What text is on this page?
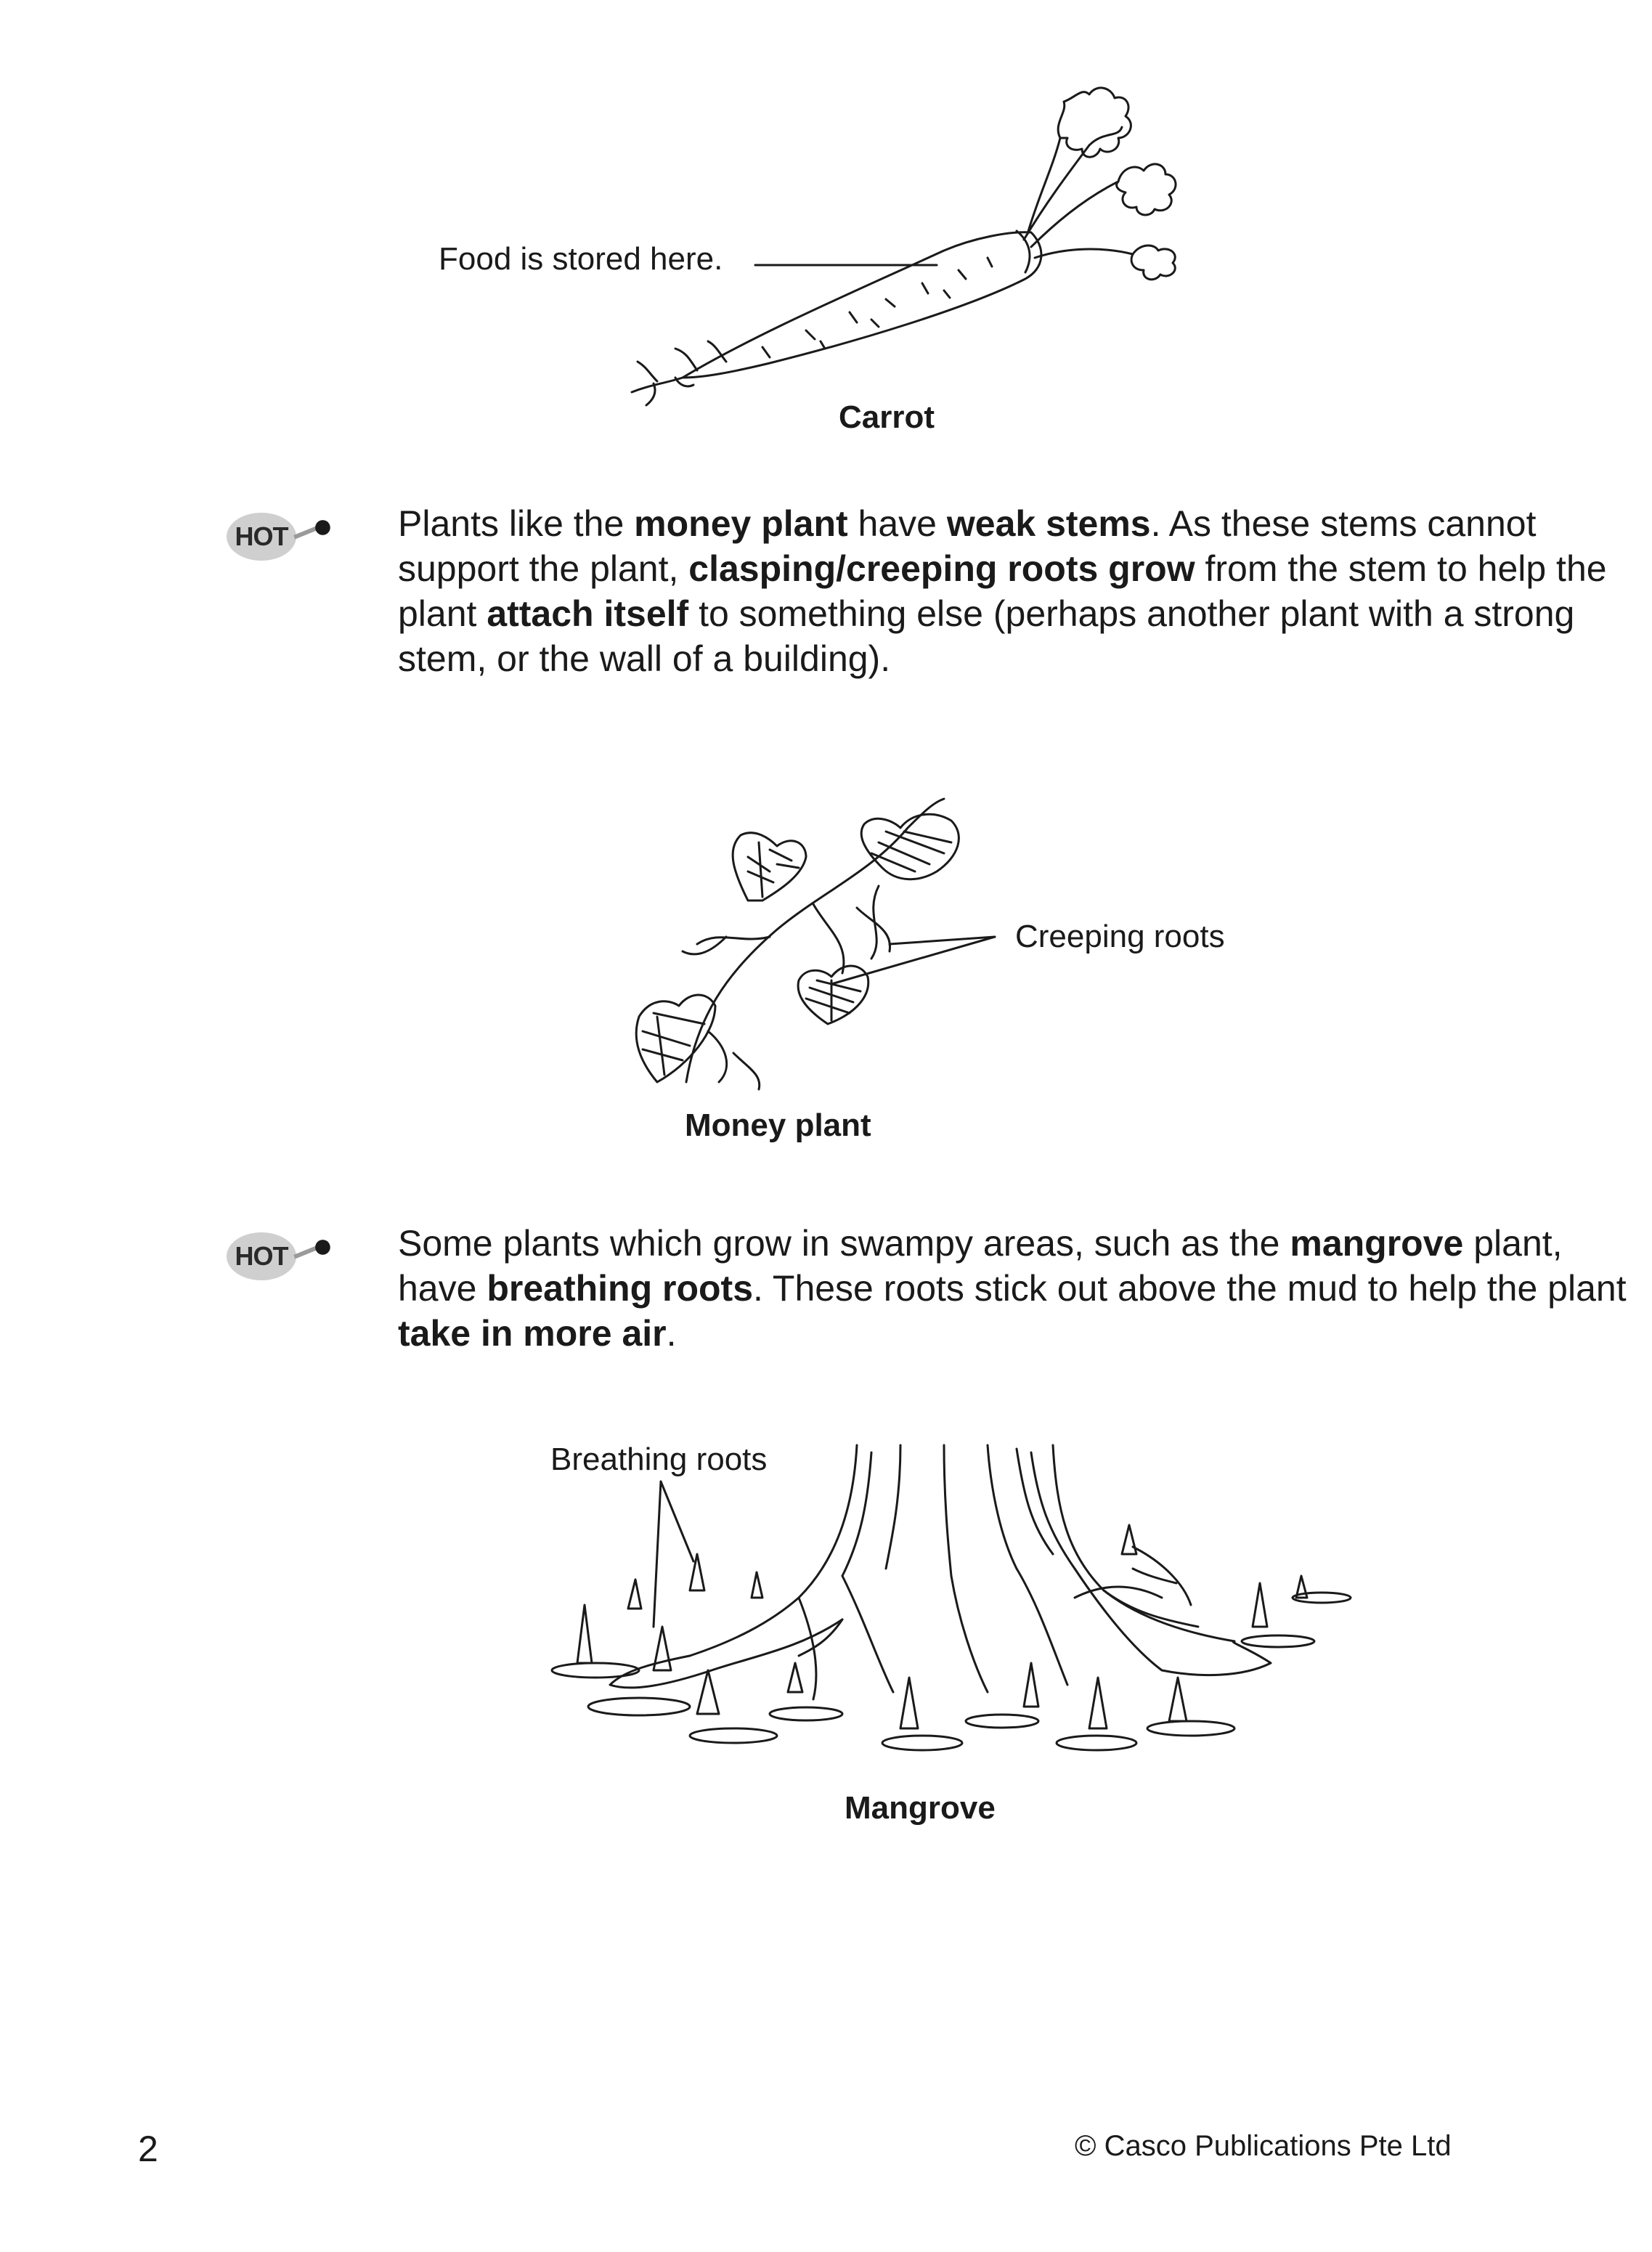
Food is stored here.
Carrot
HOT ● Plants like the money plant have weak stems. As these stems cannot support the plant, clasping/creeping roots grow from the stem to help the plant attach itself to something else (perhaps another plant with a strong stem, or the wall of a building).
Creeping roots
Money plant
HOT ● Some plants which grow in swampy areas, such as the mangrove plant, have breathing roots. These roots stick out above the mud to help the plant take in more air.
Breathing roots
Mangrove
2	© Casco Publications Pte Ltd
